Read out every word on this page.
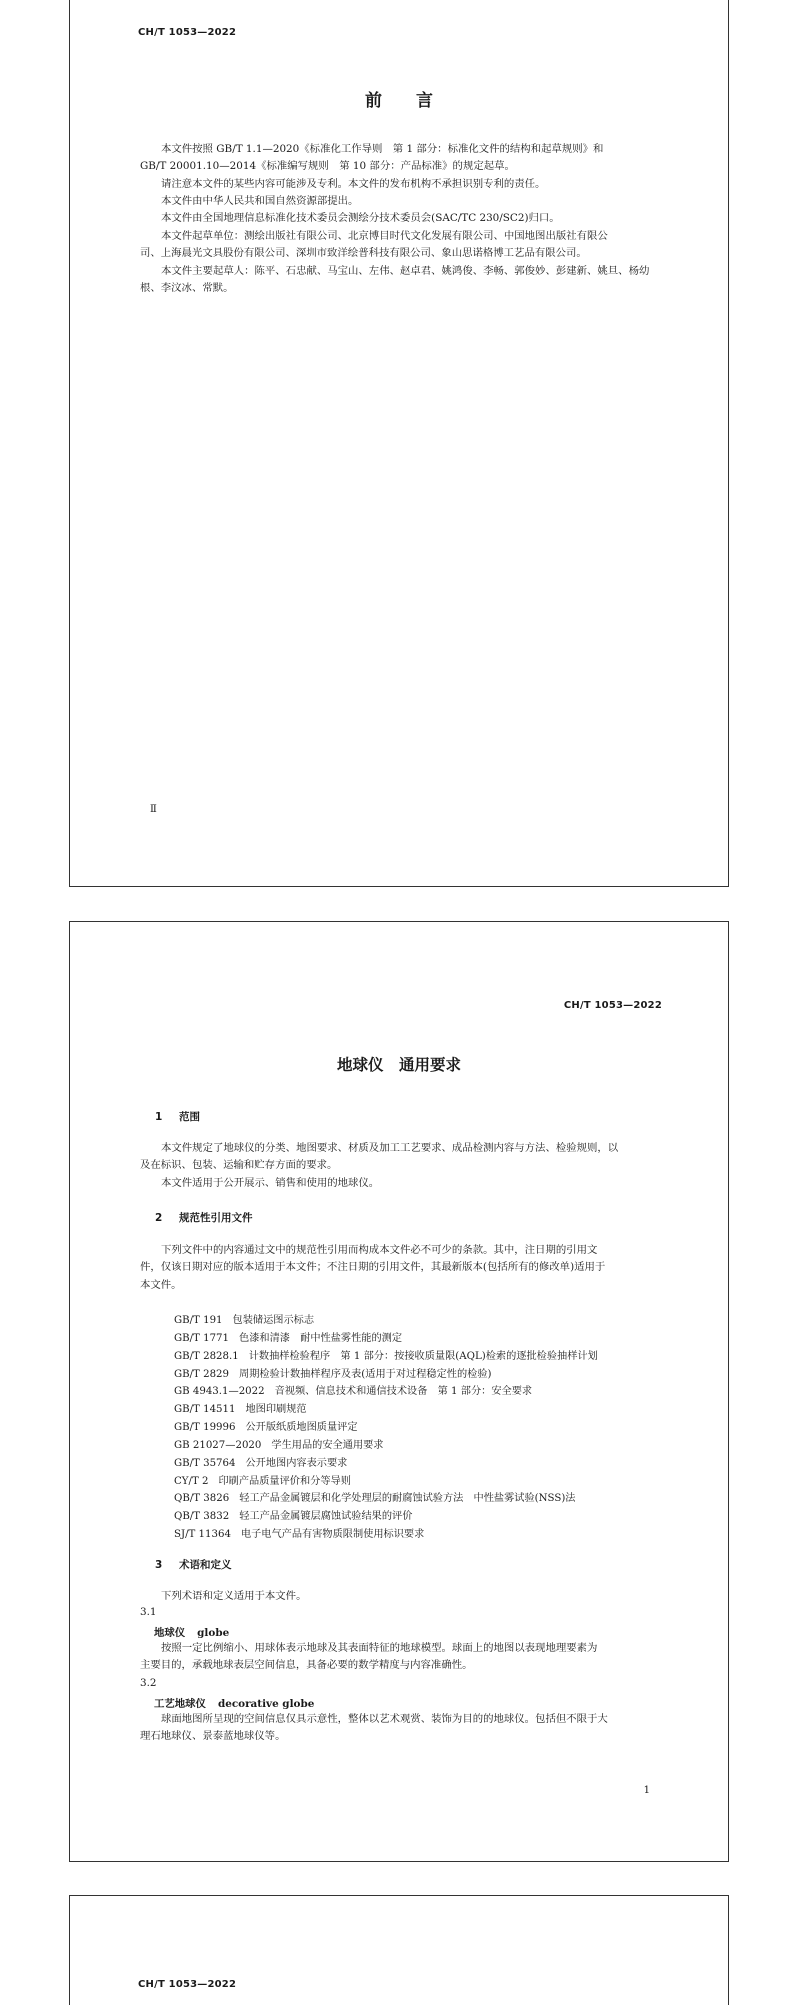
CH/T 1053—2022
前　　言

本文件按照 GB/T 1.1—2020《标准化工作导则　第 1 部分：标准化文件的结构和起草规则》和
GB/T 20001.10—2014《标准编写规则　第 10 部分：产品标准》的规定起草。

请注意本文件的某些内容可能涉及专利。本文件的发布机构不承担识别专利的责任。

本文件由中华人民共和国自然资源部提出。

本文件由全国地理信息标准化技术委员会测绘分技术委员会(SAC/TC 230/SC2)归口。

本文件起草单位：测绘出版社有限公司、北京博目时代文化发展有限公司、中国地图出版社有限公
司、上海晨光文具股份有限公司、深圳市致洋绘普科技有限公司、象山思诺格博工艺品有限公司。

本文件主要起草人：陈平、石忠献、马宝山、左伟、赵卓君、姚鸿俊、李畅、郭俊妙、彭建新、姚旦、杨幼
根、李汶冰、常默。

Ⅱ
CH/T 1053—2022
地球仪　通用要求
1 范围

本文件规定了地球仪的分类、地图要求、材质及加工工艺要求、成品检测内容与方法、检验规则，以
及在标识、包装、运输和贮存方面的要求。

本文件适用于公开展示、销售和使用的地球仪。

2 规范性引用文件

下列文件中的内容通过文中的规范性引用而构成本文件必不可少的条款。其中，注日期的引用文
件，仅该日期对应的版本适用于本文件；不注日期的引用文件，其最新版本(包括所有的修改单)适用于
本文件。

GB/T 191 包装储运图示标志
GB/T 1771 色漆和清漆　耐中性盐雾性能的测定
GB/T 2828.1 计数抽样检验程序　第 1 部分：按接收质量限(AQL)检索的逐批检验抽样计划
GB/T 2829 周期检验计数抽样程序及表(适用于对过程稳定性的检验)
GB 4943.1—2022 音视频、信息技术和通信技术设备　第 1 部分：安全要求
GB/T 14511 地图印刷规范
GB/T 19996 公开版纸质地图质量评定
GB 21027—2020 学生用品的安全通用要求
GB/T 35764 公开地图内容表示要求
CY/T 2 印刷产品质量评价和分等导则
QB/T 3826 轻工产品金属镀层和化学处理层的耐腐蚀试验方法　中性盐雾试验(NSS)法
QB/T 3832 轻工产品金属镀层腐蚀试验结果的评价
SJ/T 11364 电子电气产品有害物质限制使用标识要求
3 术语和定义

下列术语和定义适用于本文件。

3.1
地球仪 globe

按照一定比例缩小、用球体表示地球及其表面特征的地球模型。球面上的地图以表现地理要素为
主要目的，承载地球表层空间信息，具备必要的数学精度与内容准确性。

3.2
工艺地球仪 decorative globe

球面地图所呈现的空间信息仅具示意性，整体以艺术观赏、装饰为目的的地球仪。包括但不限于大
理石地球仪、景泰蓝地球仪等。

1
CH/T 1053—2022
